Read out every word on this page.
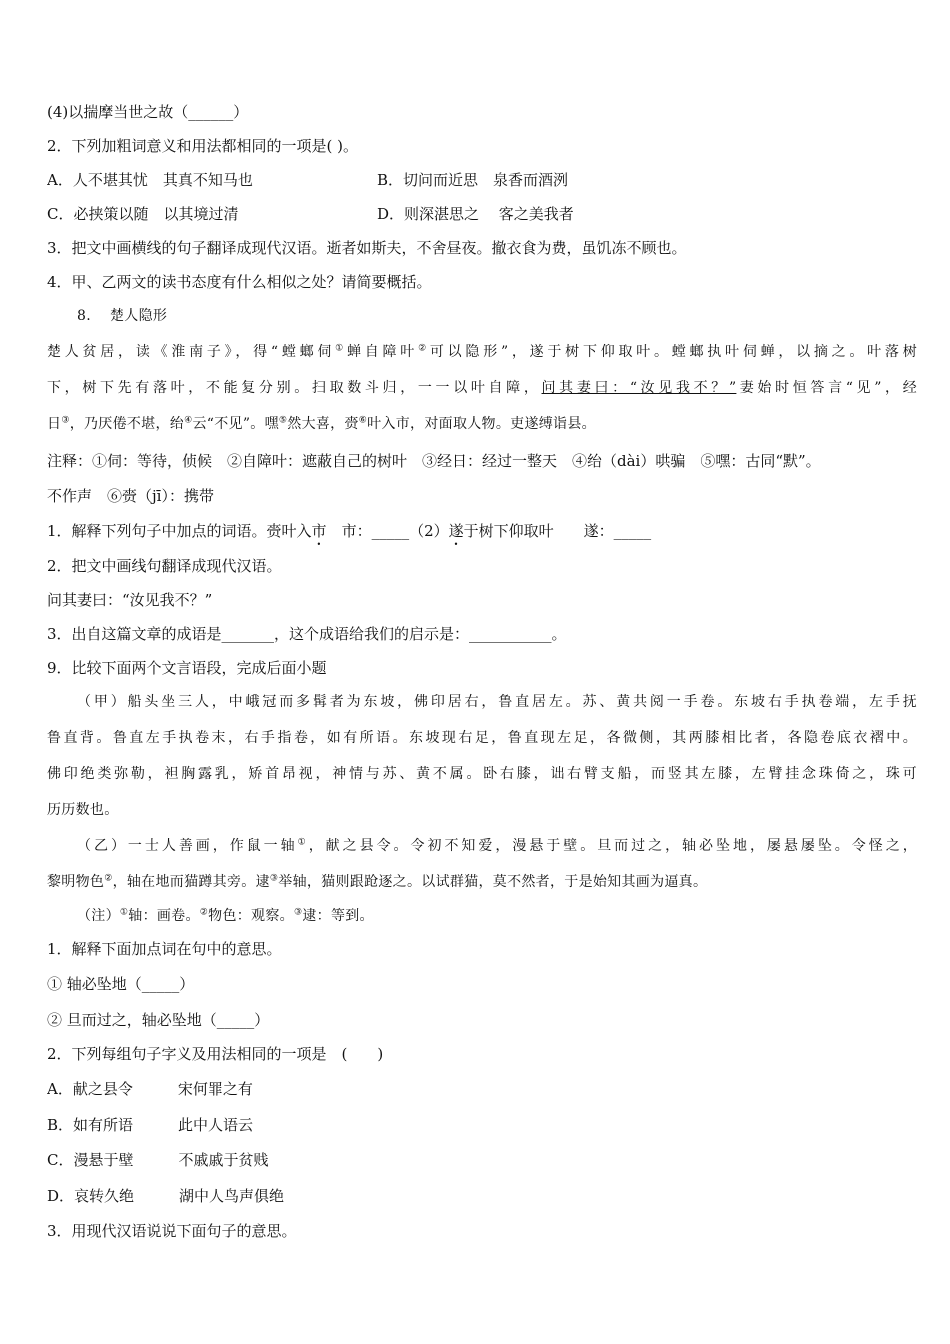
(4)以揣摩当世之故（______）

2．下列加粗词意义和用法都相同的一项是( )。

A．人不堪其忧　其真不知马也	B．切问而近思　泉香而酒洌
C．必挟策以随　以其境过清	D．则深湛思之　 客之美我者

3．把文中画横线的句子翻译成现代汉语。逝者如斯夫，不舍昼夜。撤衣食为费，虽饥冻不顾也。

4．甲、乙两文的读书态度有什么相似之处？请简要概括。

8.　 楚人隐形

楚人贫居，读《淮南子》，得“螳螂伺①蝉自障叶②可以隐形”，遂于树下仰取叶。螳螂执叶伺蝉，以摘之。叶落树

下，树下先有落叶，不能复分别。扫取数斗归，一一以叶自障，问其妻曰：“汝见我不？”妻始时恒答言“见”，经

日③，乃厌倦不堪，绐④云“不见”。嘿⑤然大喜，赍⑥叶入市，对面取人物。吏遂缚诣县。

注释：①伺：等待，侦候　②自障叶：遮蔽自己的树叶　③经日：经过一整天　④绐（dài）哄骗　⑤嘿：古同“默”。

不作声　⑥赍（jī）：携带

1．解释下列句子中加点的词语。赍叶入市　市：_____（2）遂于树下仰取叶　　遂：_____

2．把文中画线句翻译成现代汉语。

问其妻曰：“汝见我不？”

3．出自这篇文章的成语是_______，这个成语给我们的启示是：___________。

9．比较下面两个文言语段，完成后面小题

（甲）船头坐三人，中峨冠而多髯者为东坡，佛印居右，鲁直居左。苏、黄共阅一手卷。东坡右手执卷端，左手抚

鲁直背。鲁直左手执卷末，右手指卷，如有所语。东坡现右足，鲁直现左足，各微侧，其两膝相比者，各隐卷底衣褶中。

佛印绝类弥勒，袒胸露乳，矫首昂视，神情与苏、黄不属。卧右膝，诎右臂支船，而竖其左膝，左臂挂念珠倚之，珠可

历历数也。

（乙）一士人善画，作鼠一轴①，献之县令。令初不知爱，漫悬于壁。旦而过之，轴必坠地，屡悬屡坠。令怪之，

黎明物色②，轴在地而猫蹲其旁。逮③举轴，猫则跟跄逐之。以试群猫，莫不然者，于是始知其画为逼真。

（注）①轴：画卷。②物色：观察。③逮：等到。

1．解释下面加点词在句中的意思。

① 轴必坠地（_____）

② 旦而过之，轴必坠地（_____）

2．下列每组句子字义及用法相同的一项是　(　　)

A．献之县令　　　宋何罪之有

B．如有所语　　　此中人语云

C．漫悬于壁　　　不戚戚于贫贱

D．哀转久绝　　　湖中人鸟声俱绝

3．用现代汉语说说下面句子的意思。
